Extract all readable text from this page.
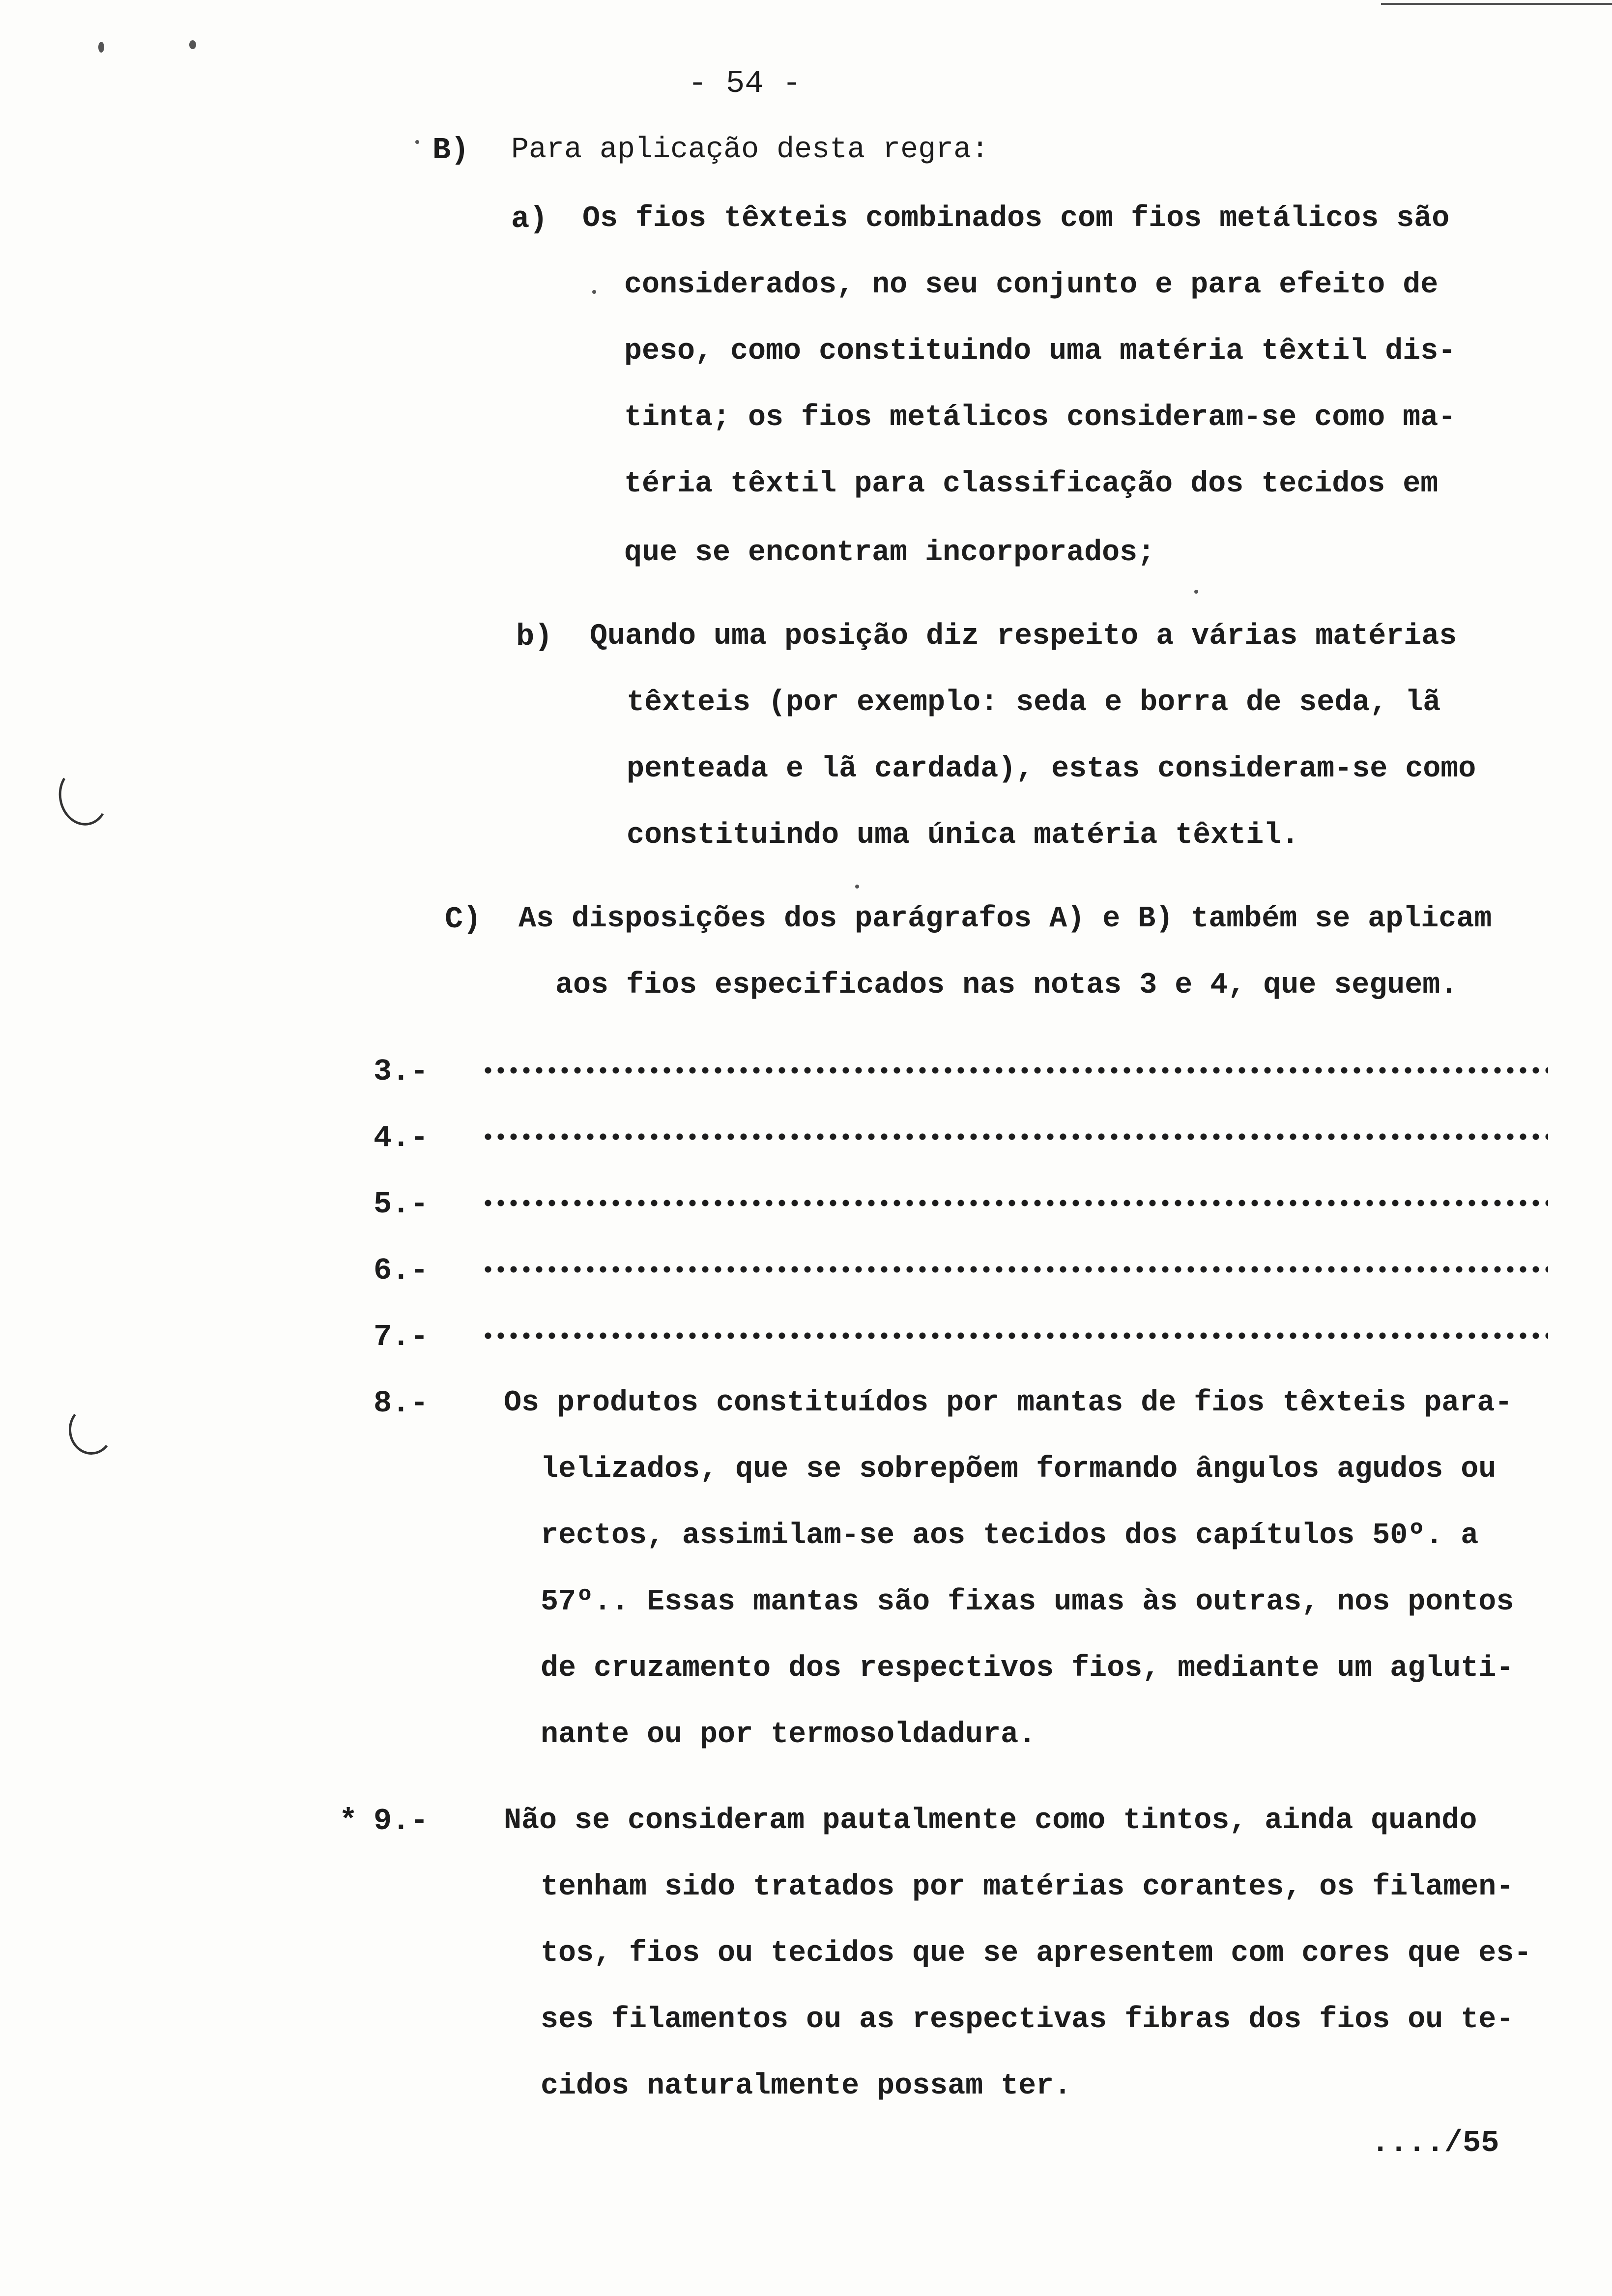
- 54 -
B) Para aplicação desta regra:
a) Os fios têxteis combinados com fios metálicos são
considerados, no seu conjunto e para efeito de
peso, como constituindo uma matéria têxtil dis-
tinta; os fios metálicos consideram-se como ma-
téria têxtil para classificação dos tecidos em
que se encontram incorporados;
b) Quando uma posição diz respeito a várias matérias
têxteis (por exemplo: seda e borra de seda, lã
penteada e lã cardada), estas consideram-se como
constituindo uma única matéria têxtil.
C) As disposições dos parágrafos A) e B) também se aplicam
aos fios especificados nas notas 3 e 4, que seguem.
3.-
4.-
5.-
6.-
7.-
8.-	Os produtos constituídos por mantas de fios têxteis para-
lelizados, que se sobrepõem formando ângulos agudos ou
rectos, assimilam-se aos tecidos dos capítulos 50º. a
57º.. Essas mantas são fixas umas às outras, nos pontos
de cruzamento dos respectivos fios, mediante um agluti-
nante ou por termosoldadura.
* 9.-	Não se consideram pautalmente como tintos, ainda quando
tenham sido tratados por matérias corantes, os filamen-
tos, fios ou tecidos que se apresentem com cores que es-
ses filamentos ou as respectivas fibras dos fios ou te-
cidos naturalmente possam ter.
..../55
